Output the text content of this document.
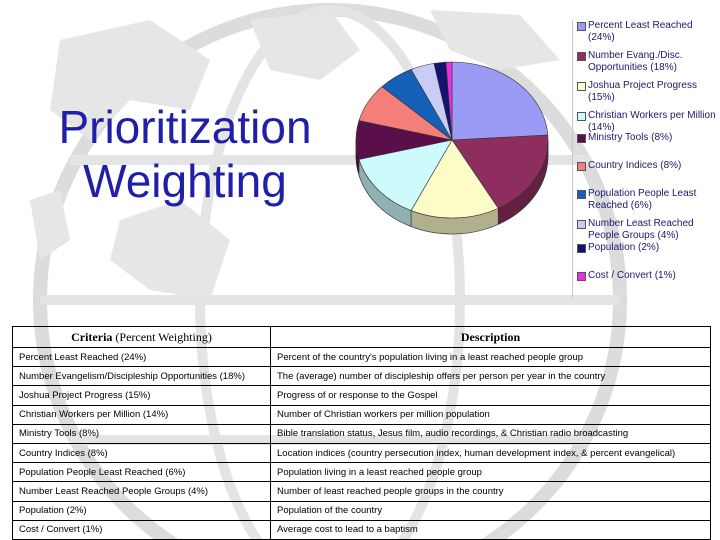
Prioritization
Weighting
Percent Least Reached (24%)
Number Evang./Disc. Opportunities (18%)
Joshua Project Progress (15%)
Christian Workers per Million (14%)
Ministry Tools (8%)
Country Indices (8%)
Population People Least Reached (6%)
Number Least Reached People Groups (4%)
Population (2%)
Cost / Convert (1%)
Criteria (Percent Weighting)	Description
Percent Least Reached (24%)	Percent of the country's population living in a least reached people group
Number Evangelism/Discipleship Opportunities (18%)	The (average) number of discipleship offers per person per year in the country
Joshua Project Progress (15%)	Progress of or response to the Gospel
Christian Workers per Million (14%)	Number of Christian workers per million population
Ministry Tools (8%)	Bible translation status, Jesus film, audio recordings, & Christian radio broadcasting
Country Indices (8%)	Location indices (country persecution index, human development index, & percent evangelical)
Population People Least Reached (6%)	Population living in a least reached people group
Number Least Reached People Groups (4%)	Number of least reached people groups in the country
Population (2%)	Population of the country
Cost / Convert (1%)	Average cost to lead to a baptism
